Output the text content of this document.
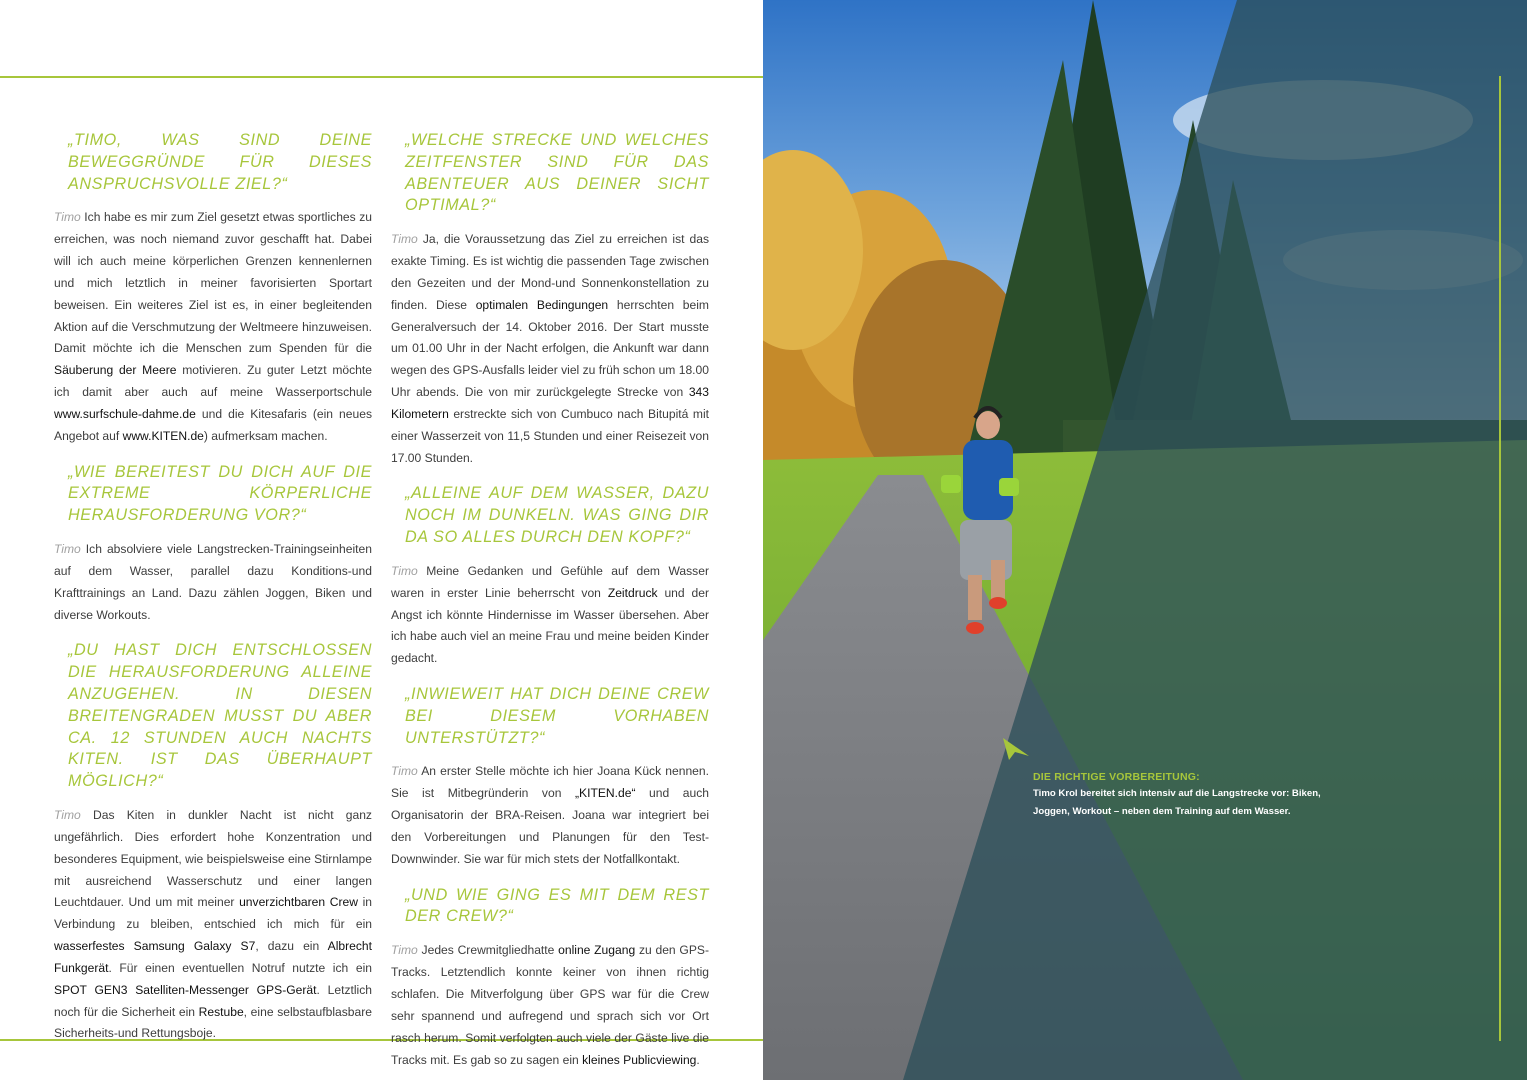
„TIMO, WAS SIND DEINE BEWEGGRÜNDE FÜR DIESES ANSPRUCHSVOLLE ZIEL?“
Timo Ich habe es mir zum Ziel gesetzt etwas sportliches zu erreichen, was noch niemand zuvor geschafft hat. Dabei will ich auch meine körperlichen Grenzen kennenlernen und mich letztlich in meiner favorisierten Sportart beweisen. Ein weiteres Ziel ist es, in einer begleitenden Aktion auf die Verschmutzung der Weltmeere hinzuweisen. Damit möchte ich die Menschen zum Spenden für die Säuberung der Meere motivieren. Zu guter Letzt möchte ich damit aber auch auf meine Wasserportschule www.surfschule-dahme.de und die Kitesafaris (ein neues Angebot auf www.KITEN.de) aufmerksam machen.
„WIE BEREITEST DU DICH AUF DIE EXTREME KÖRPERLICHE HERAUSFORDERUNG VOR?“
Timo Ich absolviere viele Langstrecken-Trainingseinheiten auf dem Wasser, parallel dazu Konditions-und Krafttrainings an Land. Dazu zählen Joggen, Biken und diverse Workouts.
„DU HAST DICH ENTSCHLOSSEN DIE HERAUSFORDERUNG ALLEINE ANZUGEHEN. IN DIESEN BREITENGRADEN MUSST DU ABER CA. 12 STUNDEN AUCH NACHTS KITEN. IST DAS ÜBERHAUPT MÖGLICH?“
Timo Das Kiten in dunkler Nacht ist nicht ganz ungefährlich. Dies erfordert hohe Konzentration und besonderes Equipment, wie beispielsweise eine Stirnlampe mit ausreichend Wasserschutz und einer langen Leuchtdauer. Und um mit meiner unverzichtbaren Crew in Verbindung zu bleiben, entschied ich mich für ein wasserfestes Samsung Galaxy S7, dazu ein Albrecht Funkgerät. Für einen eventuellen Notruf nutzte ich ein SPOT GEN3 Satelliten-Messenger GPS-Gerät. Letztlich noch für die Sicherheit ein Restube, eine selbstaufblasbare Sicherheits-und Rettungsboje.
„WELCHE STRECKE UND WELCHES ZEITFENSTER SIND FÜR DAS ABENTEUER AUS DEINER SICHT OPTIMAL?“
Timo Ja, die Voraussetzung das Ziel zu erreichen ist das exakte Timing. Es ist wichtig die passenden Tage zwischen den Gezeiten und der Mond-und Sonnenkonstellation zu finden. Diese optimalen Bedingungen herrschten beim Generalversuch der 14. Oktober 2016. Der Start musste um 01.00 Uhr in der Nacht erfolgen, die Ankunft war dann wegen des GPS-Ausfalls leider viel zu früh schon um 18.00 Uhr abends. Die von mir zurückgelegte Strecke von 343 Kilometern erstreckte sich von Cumbuco nach Bitupitá mit einer Wasserzeit von 11,5 Stunden und einer Reisezeit von 17.00 Stunden.
„ALLEINE AUF DEM WASSER, DAZU NOCH IM DUNKELN. WAS GING DIR DA SO ALLES DURCH DEN KOPF?“
Timo Meine Gedanken und Gefühle auf dem Wasser waren in erster Linie beherrscht von Zeitdruck und der Angst ich könnte Hindernisse im Wasser übersehen. Aber ich habe auch viel an meine Frau und meine beiden Kinder gedacht.
„INWIEWEIT HAT DICH DEINE CREW BEI DIESEM VORHABEN UNTERSTÜTZT?“
Timo An erster Stelle möchte ich hier Joana Kück nennen. Sie ist Mitbegründerin von „KITEN.de“ und auch Organisatorin der BRA-Reisen. Joana war integriert bei den Vorbereitungen und Planungen für den Test-Downwinder. Sie war für mich stets der Notfallkontakt.
„UND WIE GING ES MIT DEM REST DER CREW?“
Timo Jedes Crewmitgliedhatte online Zugang zu den GPS-Tracks. Letztendlich konnte keiner von ihnen richtig schlafen. Die Mitverfolgung über GPS war für die Crew sehr spannend und aufregend und sprach sich vor Ort rasch herum. Somit verfolgten auch viele der Gäste live die Tracks mit. Es gab so zu sagen ein kleines Publicviewing.
DIE RICHTIGE VORBEREITUNG:
Timo Krol bereitet sich intensiv auf die Langstrecke vor: Biken, Joggen, Workout – neben dem Training auf dem Wasser.
